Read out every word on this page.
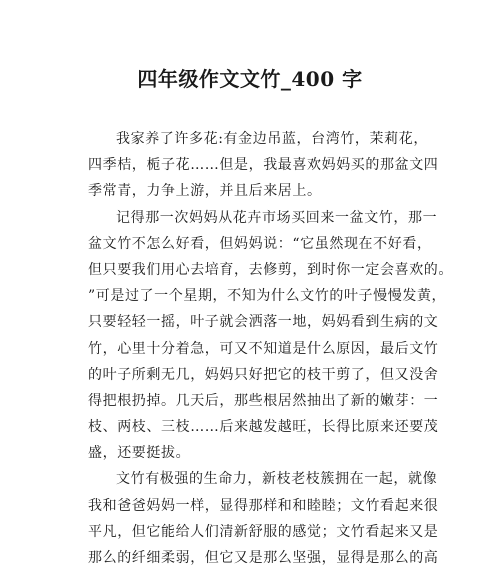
四年级作文文竹_400 字
我家养了许多花:有金边吊蓝，台湾竹，茉莉花，
四季桔，栀子花……但是，我最喜欢妈妈买的那盆文四
季常青，力争上游，并且后来居上。
记得那一次妈妈从花卉市场买回来一盆文竹，那一
盆文竹不怎么好看，但妈妈说：“它虽然现在不好看，
但只要我们用心去培育，去修剪，到时你一定会喜欢的。
”可是过了一个星期，不知为什么文竹的叶子慢慢发黄，
只要轻轻一摇，叶子就会洒落一地，妈妈看到生病的文
竹，心里十分着急，可又不知道是什么原因，最后文竹
的叶子所剩无几，妈妈只好把它的枝干剪了，但又没舍
得把根扔掉。几天后，那些根居然抽出了新的嫩芽：一
枝、两枝、三枝……后来越发越旺，长得比原来还要茂
盛，还要挺拔。
文竹有极强的生命力，新枝老枝簇拥在一起，就像
我和爸爸妈妈一样，显得那样和和睦睦；文竹看起来很
平凡，但它能给人们清新舒服的感觉；文竹看起来又是
那么的纤细柔弱，但它又是那么坚强，显得是那么的高
